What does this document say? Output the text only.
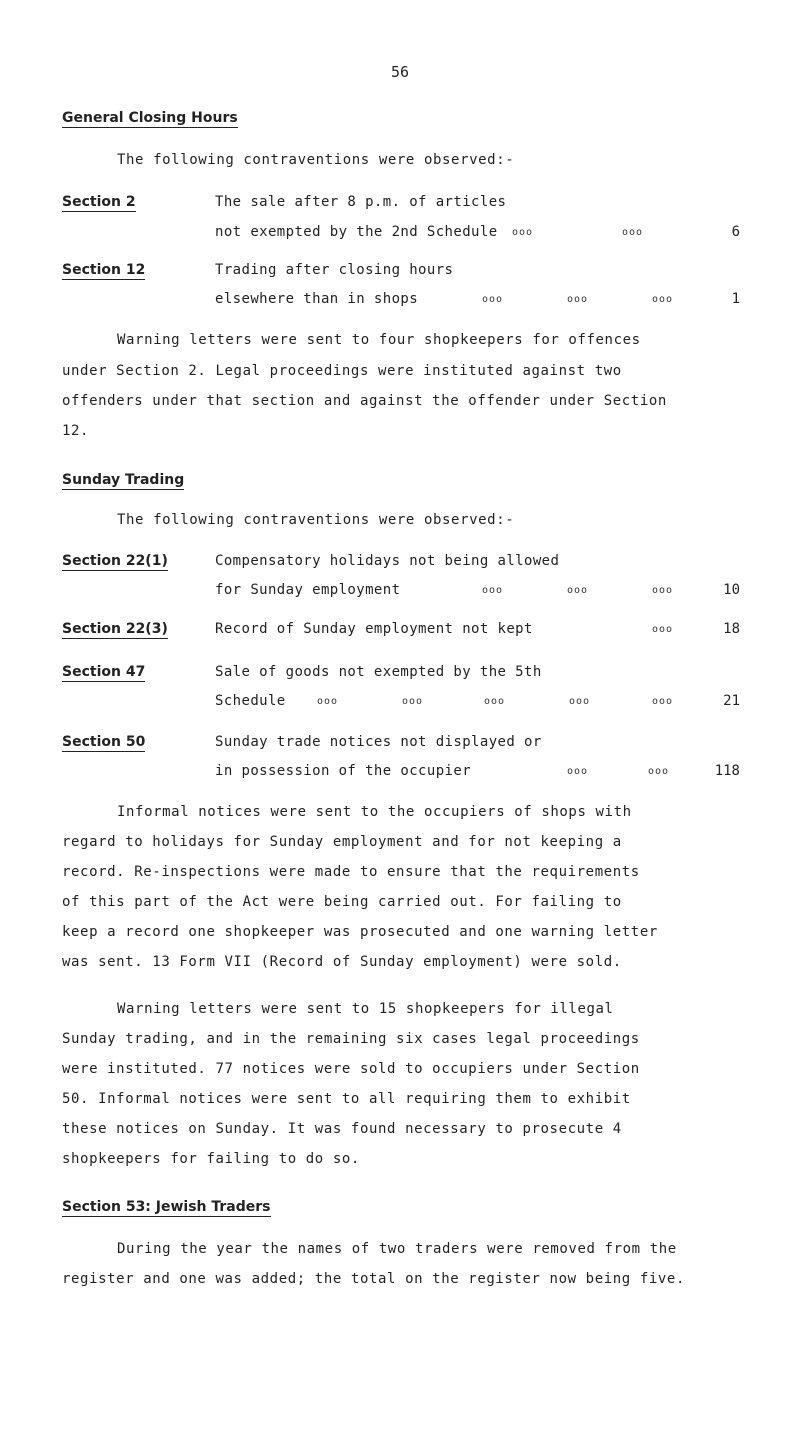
56
General Closing Hours
The following contraventions were observed:-
Section 2	The sale after 8 p.m. of articles
not exempted by the 2nd Schedule ooo	ooo	6
Section 12	Trading after closing hours
elsewhere than in shops	ooo	ooo	ooo	1
Warning letters were sent to four shopkeepers for offences
under Section 2. Legal proceedings were instituted against two
offenders under that section and against the offender under Section
12.
Sunday Trading
The following contraventions were observed:-
Section 22(1)	Compensatory holidays not being allowed
for Sunday employment	ooo	ooo	ooo	10
Section 22(3)	Record of Sunday employment not kept	ooo	18
Section 47	Sale of goods not exempted by the 5th
Schedule	ooo	ooo	ooo	ooo	ooo	21
Section 50	Sunday trade notices not displayed or
in possession of the occupier	ooo	ooo	118
Informal notices were sent to the occupiers of shops with
regard to holidays for Sunday employment and for not keeping a
record. Re-inspections were made to ensure that the requirements
of this part of the Act were being carried out. For failing to
keep a record one shopkeeper was prosecuted and one warning letter
was sent. 13 Form VII (Record of Sunday employment) were sold.
Warning letters were sent to 15 shopkeepers for illegal
Sunday trading, and in the remaining six cases legal proceedings
were instituted. 77 notices were sold to occupiers under Section
50. Informal notices were sent to all requiring them to exhibit
these notices on Sunday. It was found necessary to prosecute 4
shopkeepers for failing to do so.
Section 53: Jewish Traders
During the year the names of two traders were removed from the
register and one was added; the total on the register now being five.
